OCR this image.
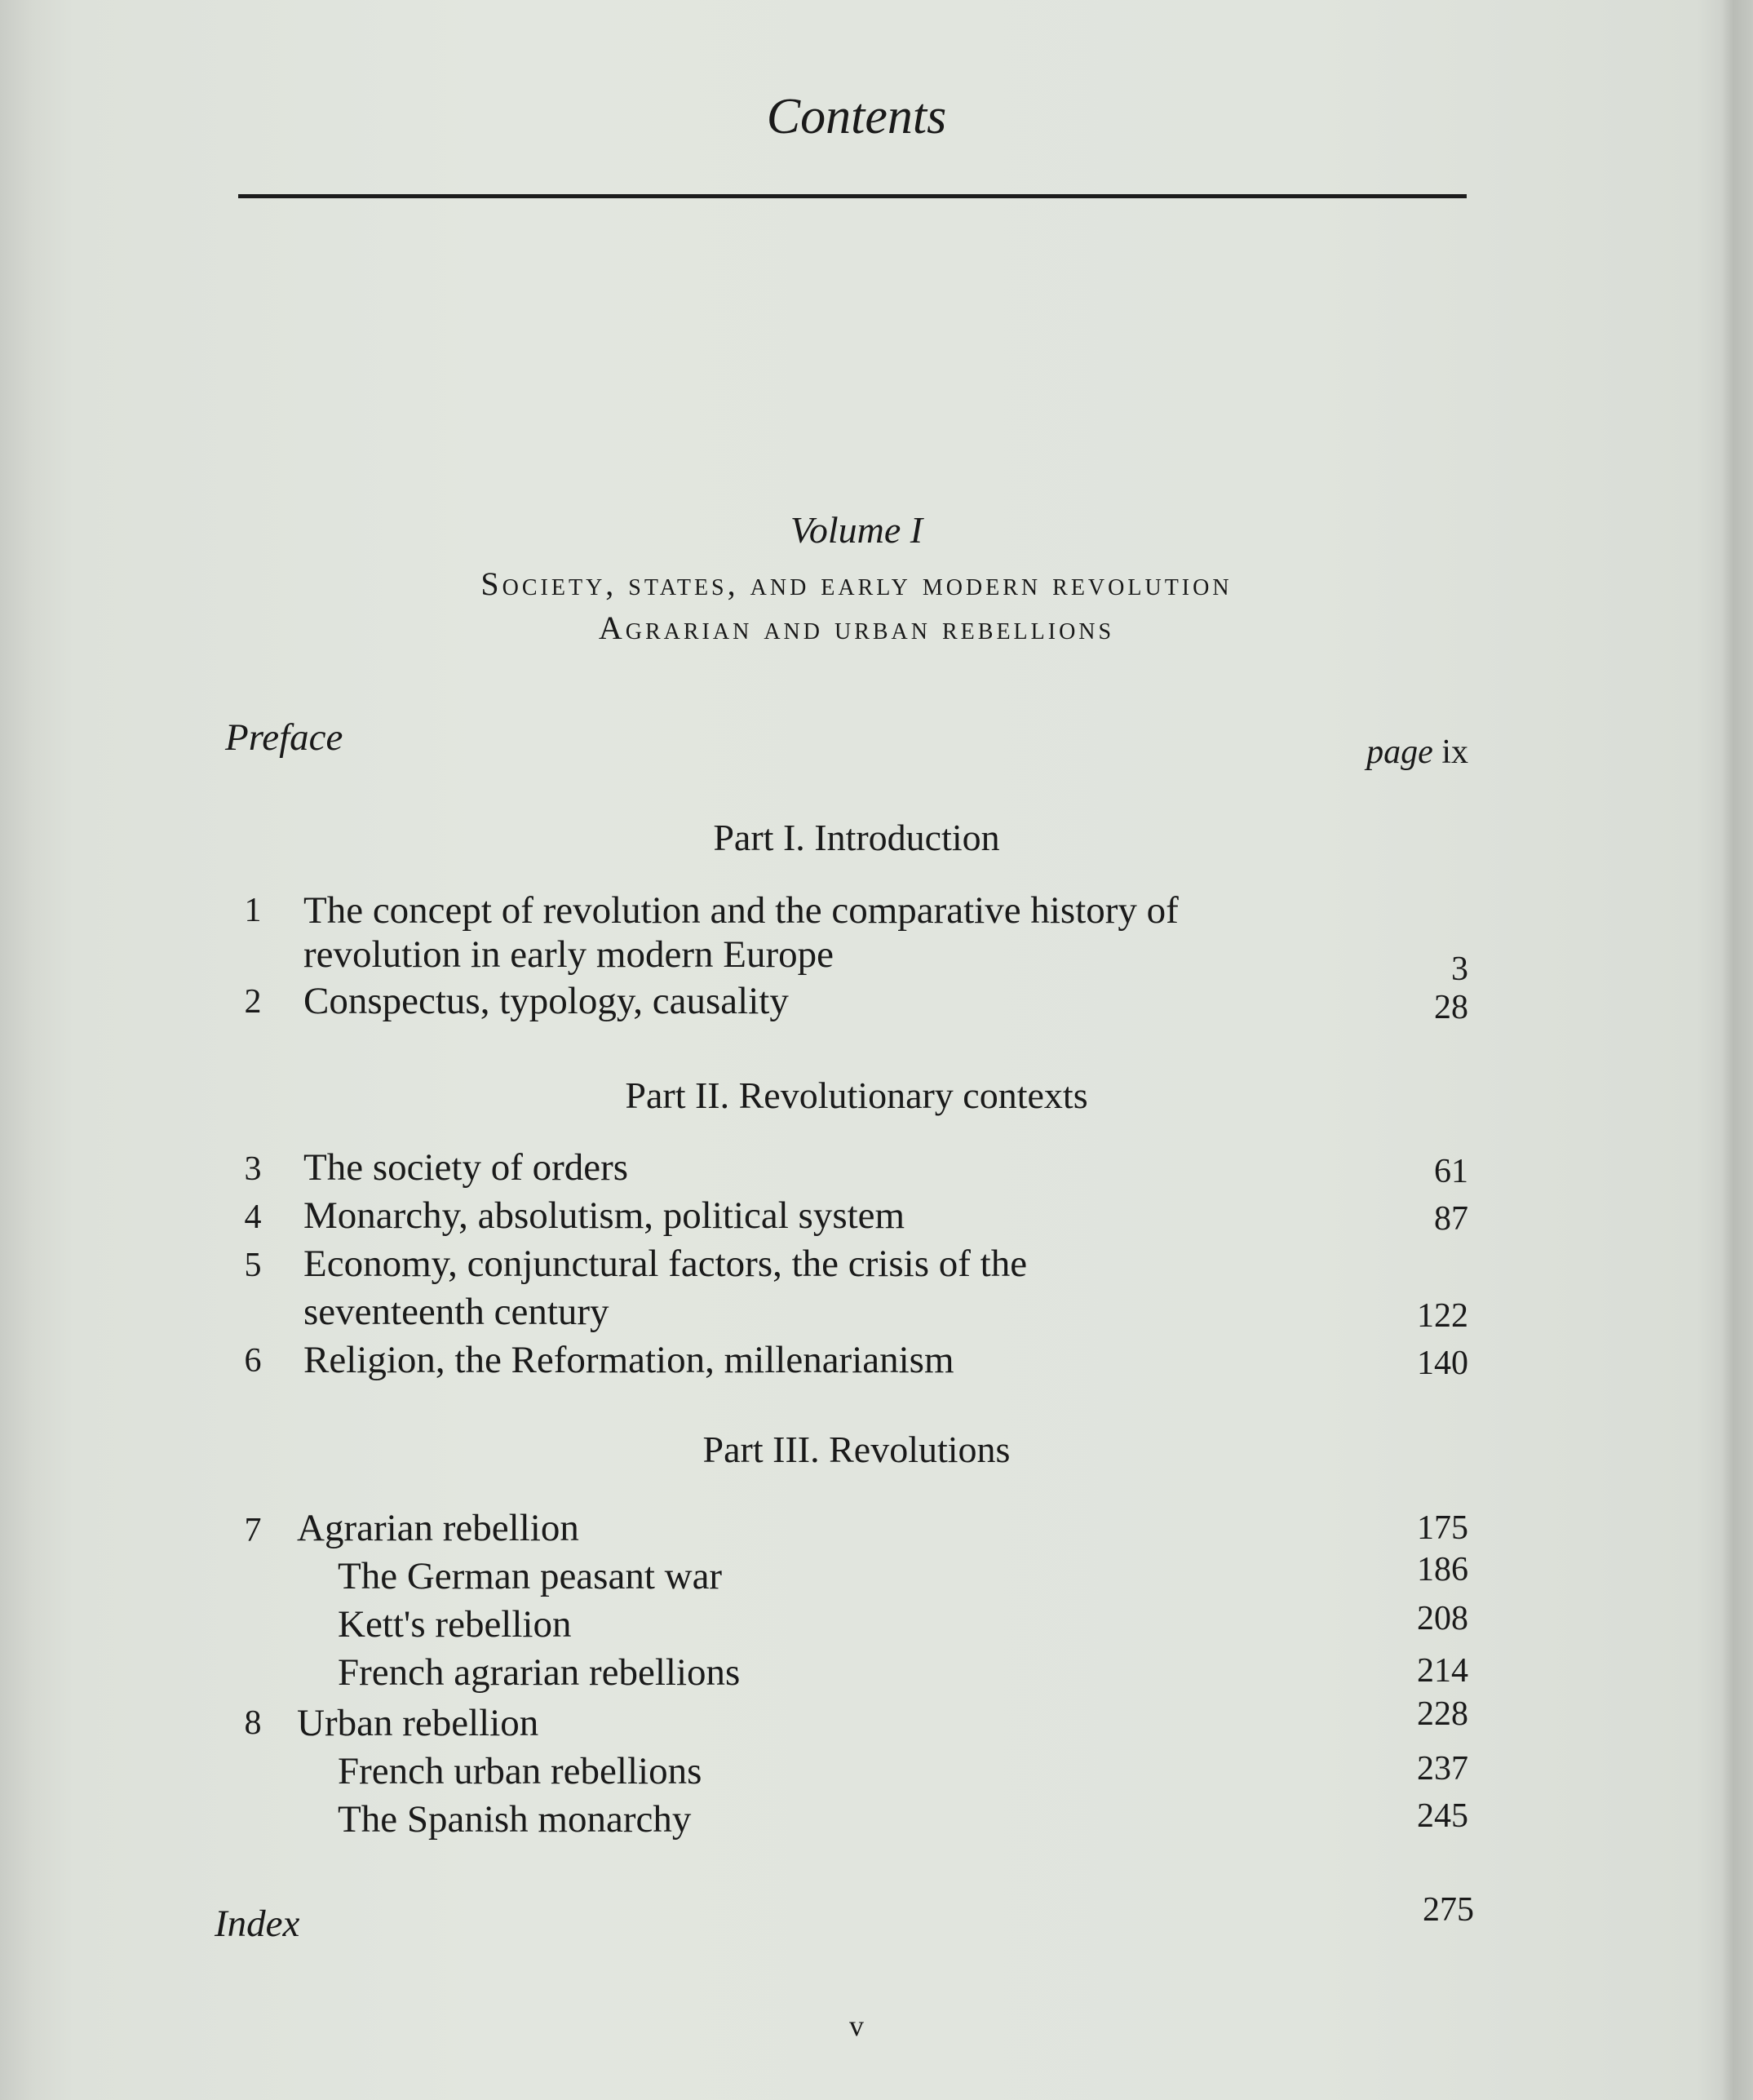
Contents
Volume I
Society, states, and early modern revolution
Agrarian and urban rebellions
Preface	page ix
Part I. Introduction
1 The concept of revolution and the comparative history of
revolution in early modern Europe	3
2 Conspectus, typology, causality	28
Part II. Revolutionary contexts
3 The society of orders	61
4 Monarchy, absolutism, political system	87
5 Economy, conjunctural factors, the crisis of the
seventeenth century	122
6 Religion, the Reformation, millenarianism	140
Part III. Revolutions
7 Agrarian rebellion	175
The German peasant war	186
Kett's rebellion	208
French agrarian rebellions	214
8 Urban rebellion	228
French urban rebellions	237
The Spanish monarchy	245
Index	275
v
